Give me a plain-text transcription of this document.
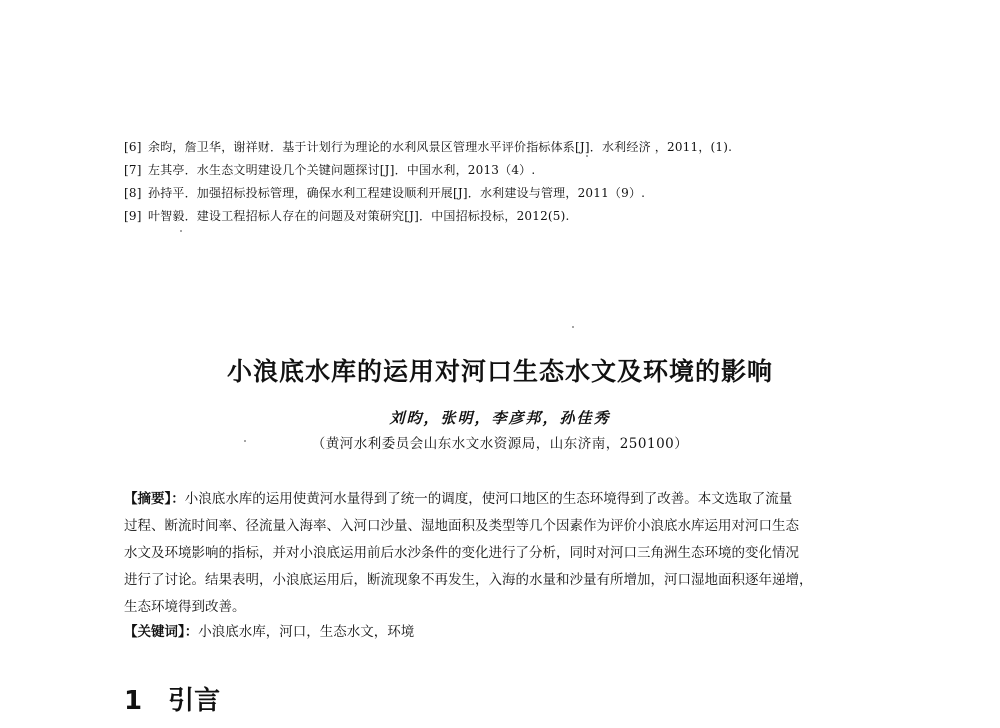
[6] 余昀，詹卫华，谢祥财．基于计划行为理论的水利风景区管理水平评价指标体系[J]．水利经济 ，2011，(1).
[7] 左其亭．水生态文明建设几个关键问题探讨[J]．中国水利，2013（4）.
[8] 孙持平．加强招标投标管理，确保水利工程建设顺利开展[J]．水利建设与管理，2011（9）.
[9] 叶智毅．建设工程招标人存在的问题及对策研究[J]．中国招标投标，2012(5).
小浪底水库的运用对河口生态水文及环境的影响
刘昀，张明，李彦邦，孙佳秀
（黄河水利委员会山东水文水资源局，山东济南，250100）
【摘要】：小浪底水库的运用使黄河水量得到了统一的调度，使河口地区的生态环境得到了改善。本文选取了流量
过程、断流时间率、径流量入海率、入河口沙量、湿地面积及类型等几个因素作为评价小浪底水库运用对河口生态
水文及环境影响的指标，并对小浪底运用前后水沙条件的变化进行了分析，同时对河口三角洲生态环境的变化情况
进行了讨论。结果表明，小浪底运用后，断流现象不再发生，入海的水量和沙量有所增加，河口湿地面积逐年递增，
生态环境得到改善。
【关键词】：小浪底水库，河口，生态水文，环境
1 引言
